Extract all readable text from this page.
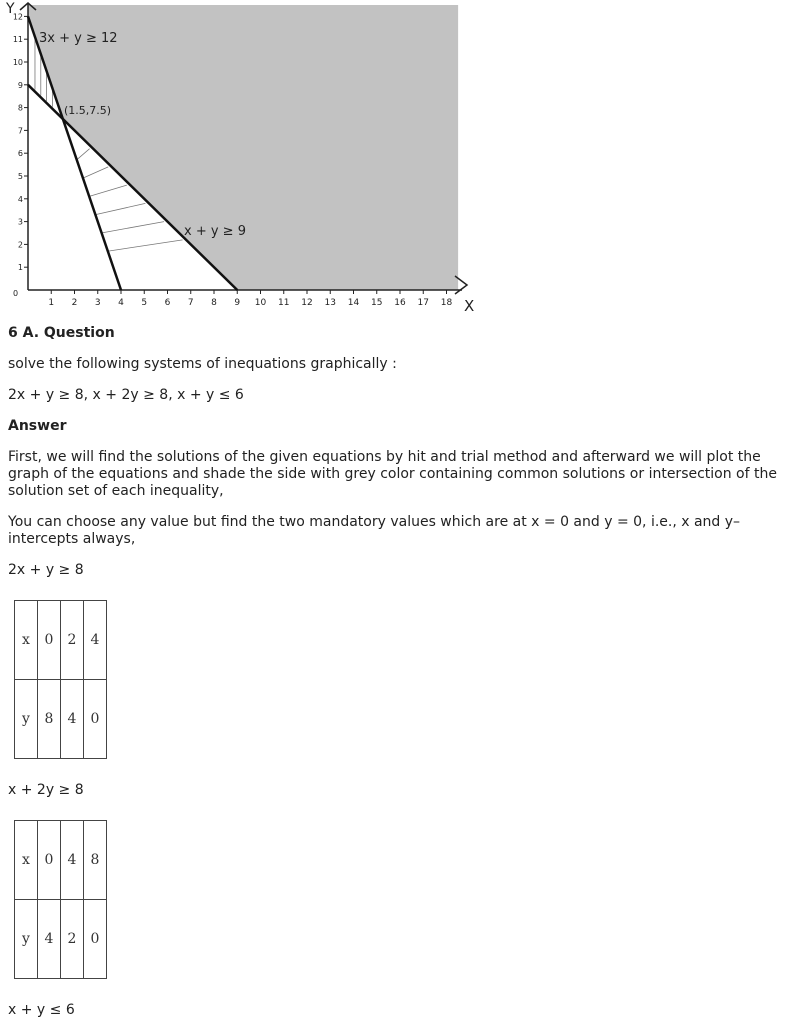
1 2 3 4 5 6 7 8 9 10 11 12 13 14 15 16 17 18
1
2
3
4
5
6
7
8
9
10
11
12
3x + y ≥ 12
x + y ≥ 9
(1.5,7.5)
X
Y
0
6 A. Question
solve the following systems of inequations graphically :
2x + y ≥ 8, x + 2y ≥ 8, x + y ≤ 6
Answer
First, we will find the solutions of the given equations by hit and trial method and afterward we will plot the graph of the equations and shade the side with grey color containing common solutions or intersection of the solution set of each inequality,
You can choose any value but find the two mandatory values which are at x = 0 and y = 0, i.e., x and y–intercepts always,
2x + y ≥ 8
x	0	2	4
y	8	4	0
x + 2y ≥ 8
x	0	4	8
y	4	2	0
x + y ≤ 6
